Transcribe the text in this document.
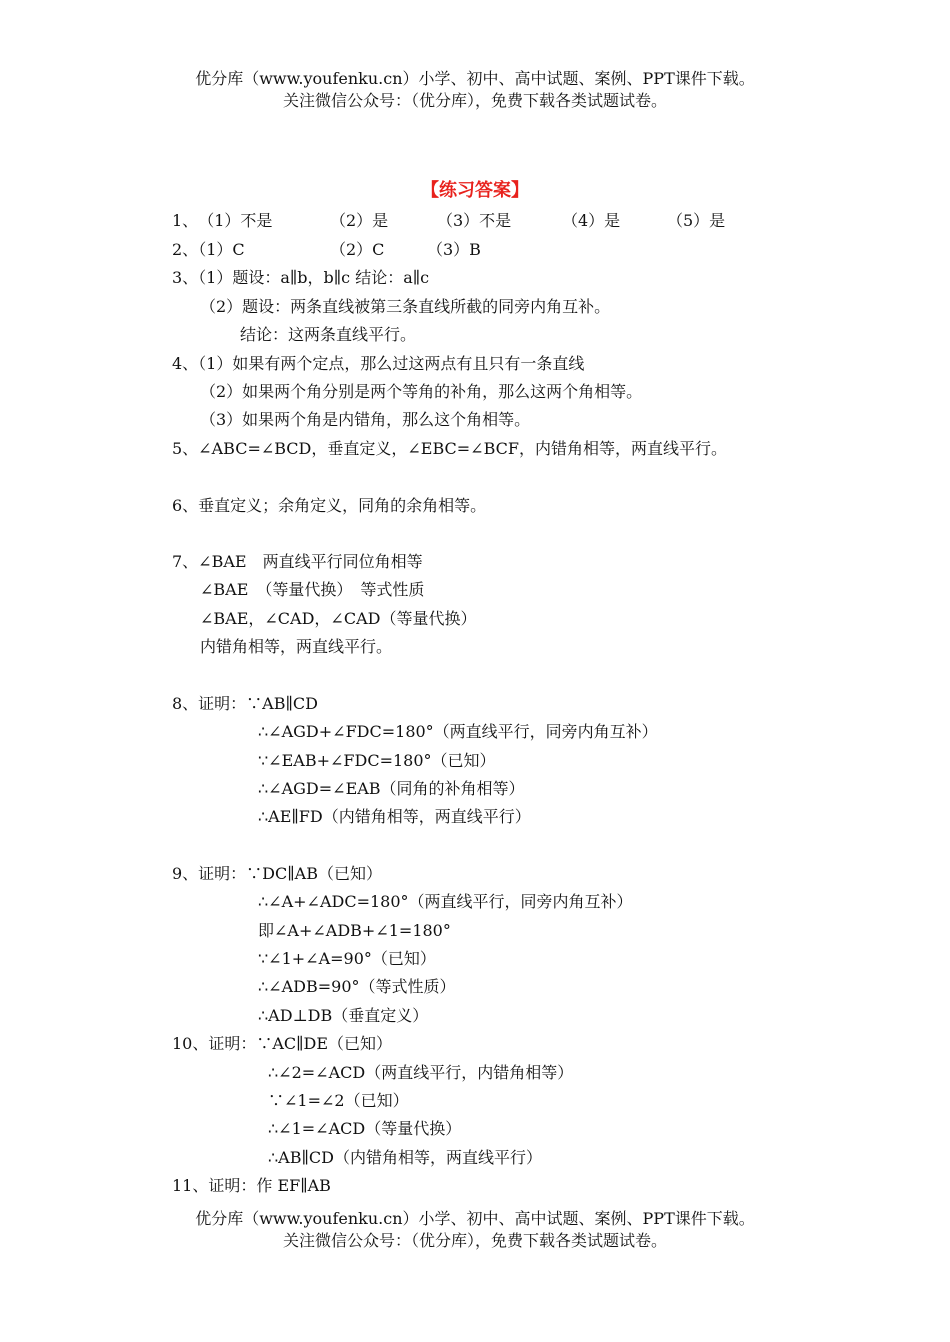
优分库（www.youfenku.cn）小学、初中、高中试题、案例、PPT课件下载。
关注微信公众号：（优分库），免费下载各类试题试卷。
【练习答案】
1、（1）不是	（2）是	（3）不是	（4）是	（5）是
2、（1）C	（2）C	（3）B
3、（1）题设：a∥b，b∥c 结论：a∥c
（2）题设：两条直线被第三条直线所截的同旁内角互补。
结论：这两条直线平行。
4、（1）如果有两个定点，那么过这两点有且只有一条直线
（2）如果两个角分别是两个等角的补角，那么这两个角相等。
（3）如果两个角是内错角，那么这个角相等。
5、∠ABC=∠BCD，垂直定义，∠EBC=∠BCF，内错角相等，两直线平行。
6、垂直定义；余角定义，同角的余角相等。
7、∠BAE　两直线平行同位角相等
∠BAE　（等量代换）　等式性质
∠BAE，∠CAD，∠CAD（等量代换）
内错角相等，两直线平行。
8、证明：∵AB∥CD
∴∠AGD+∠FDC=180°（两直线平行，同旁内角互补）
∵∠EAB+∠FDC=180°（已知）
∴∠AGD=∠EAB（同角的补角相等）
∴AE∥FD（内错角相等，两直线平行）
9、证明：∵DC∥AB（已知）
∴∠A+∠ADC=180°（两直线平行，同旁内角互补）
即∠A+∠ADB+∠1=180°
∵∠1+∠A=90°（已知）
∴∠ADB=90°（等式性质）
∴AD⊥DB（垂直定义）
10、证明：∵AC∥DE（已知）
∴∠2=∠ACD（两直线平行，内错角相等）
∵∠1=∠2（已知）
∴∠1=∠ACD（等量代换）
∴AB∥CD（内错角相等，两直线平行）
11、证明：作 EF∥AB
优分库（www.youfenku.cn）小学、初中、高中试题、案例、PPT课件下载。
关注微信公众号：（优分库），免费下载各类试题试卷。
